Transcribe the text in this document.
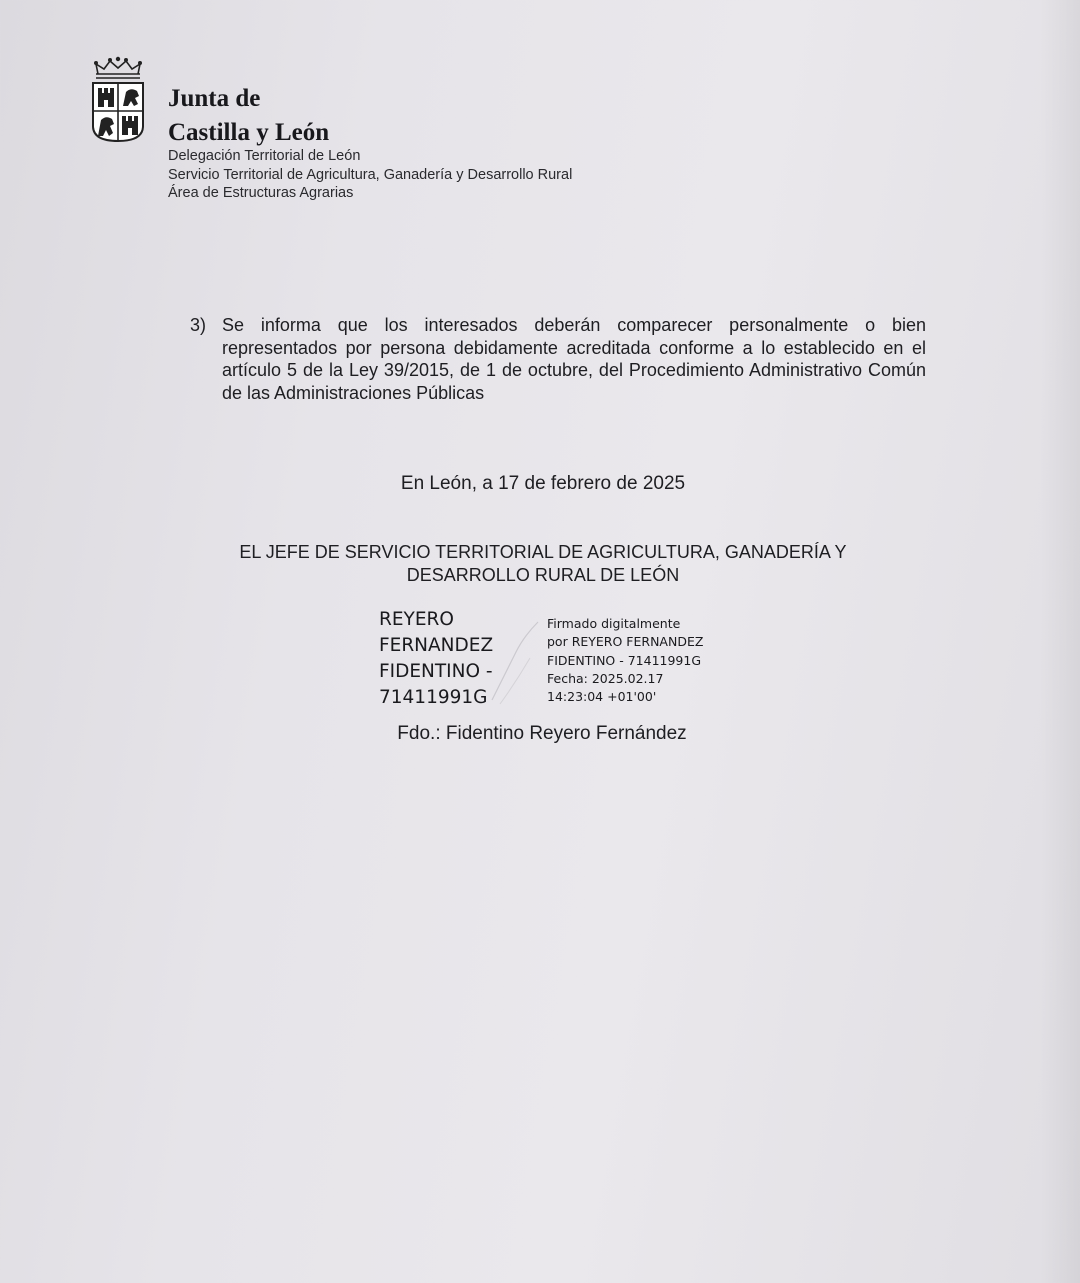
Junta de
Castilla y León
Delegación Territorial de León
Servicio Territorial de Agricultura, Ganadería y Desarrollo Rural
Área de Estructuras Agrarias
3) Se informa que los interesados deberán comparecer personalmente o bien representados por persona debidamente acreditada conforme a lo establecido en el artículo 5 de la Ley 39/2015, de 1 de octubre, del Procedimiento Administrativo Común de las Administraciones Públicas
En León, a 17 de febrero de 2025
EL JEFE DE SERVICIO TERRITORIAL DE AGRICULTURA, GANADERÍA Y
DESARROLLO RURAL DE LEÓN
REYERO
FERNANDEZ
FIDENTINO -
71411991G
Firmado digitalmente
por REYERO FERNANDEZ
FIDENTINO - 71411991G
Fecha: 2025.02.17
14:23:04 +01'00'
Fdo.: Fidentino Reyero Fernández
